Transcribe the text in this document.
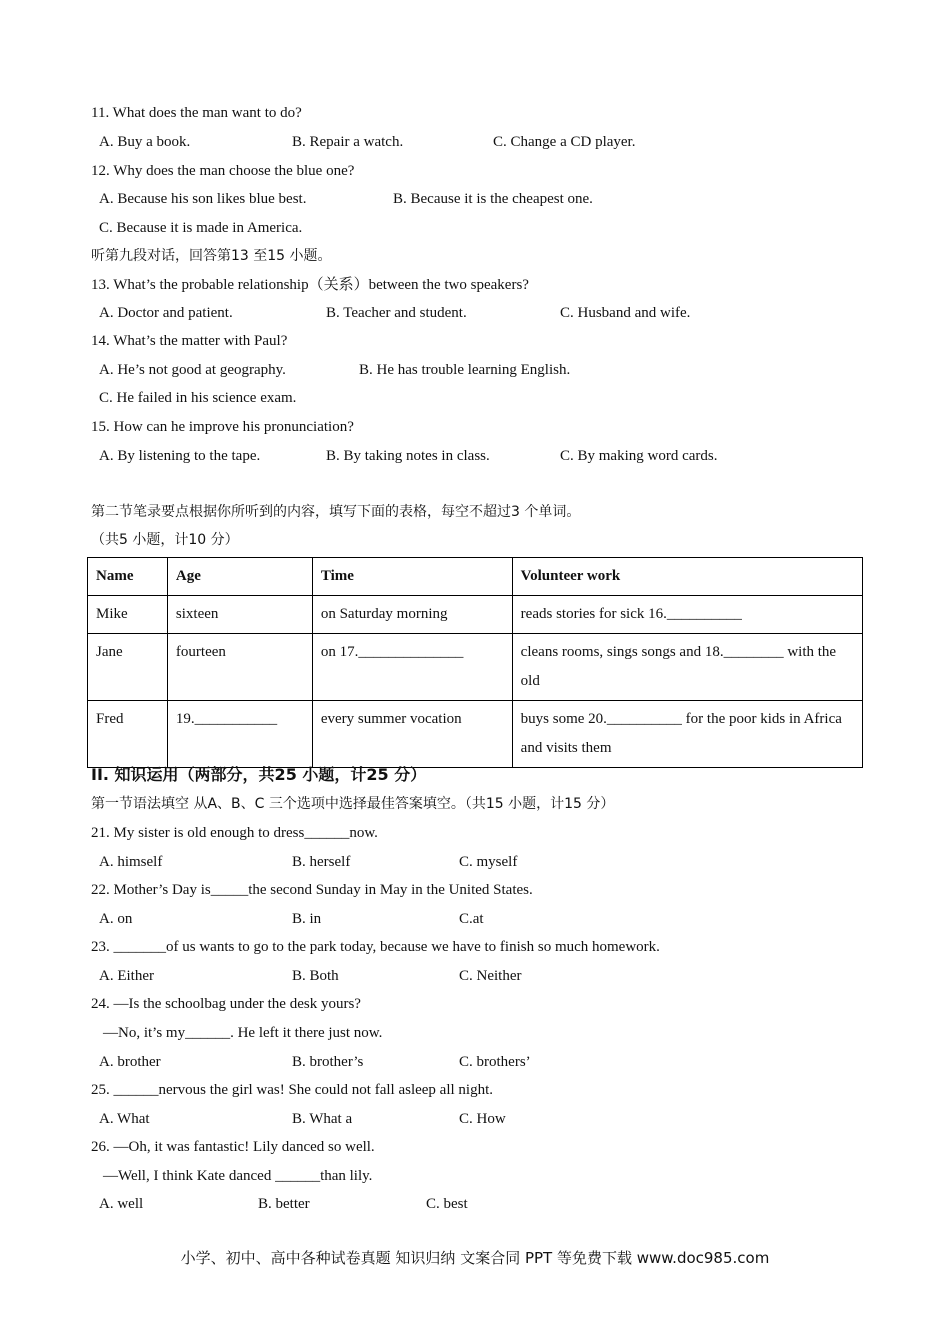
11. What does the man want to do?
A. Buy a book.	B. Repair a watch.	C. Change a CD player.
12. Why does the man choose the blue one?
A. Because his son likes blue best.	B. Because it is the cheapest one.
C. Because it is made in America.
听第九段对话，回答第13 至15 小题。
13. What’s the probable relationship（关系）between the two speakers?
A. Doctor and patient.	B. Teacher and student.	C. Husband and wife.
14. What’s the matter with Paul?
A. He’s not good at geography.	B. He has trouble learning English.
C. He failed in his science exam.
15. How can he improve his pronunciation?
A. By listening to the tape.	B. By taking notes in class.	C. By making word cards.
第二节笔录要点根据你所听到的内容，填写下面的表格，每空不超过3 个单词。
（共5 小题，计10 分）
Name	Age	Time	Volunteer work
Mike	sixteen	on Saturday morning	reads stories for sick 16.__________
Jane	fourteen	on 17.______________	cleans rooms, sings songs and 18.________ with the old
Fred	19.___________	every summer vocation	buys some 20.__________ for the poor kids in Africa and visits them
II. 知识运用（两部分，共25 小题，计25 分）
第一节语法填空 从A、B、C 三个选项中选择最佳答案填空。（共15 小题，计15 分）
21. My sister is old enough to dress______now.
A. himself	B. herself	C. myself
22. Mother’s Day is_____the second Sunday in May in the United States.
A. on	B. in	C.at
23. _______of us wants to go to the park today, because we have to finish so much homework.
A. Either	B. Both	C. Neither
24. —Is the schoolbag under the desk yours?
—No, it’s my______. He left it there just now.
A. brother	B. brother’s	C. brothers’
25. ______nervous the girl was! She could not fall asleep all night.
A. What	B. What a	C. How
26. —Oh, it was fantastic! Lily danced so well.
—Well, I think Kate danced ______than lily.
A. well	B. better	C. best
小学、初中、高中各种试卷真题 知识归纳 文案合同 PPT 等免费下载 www.doc985.com
